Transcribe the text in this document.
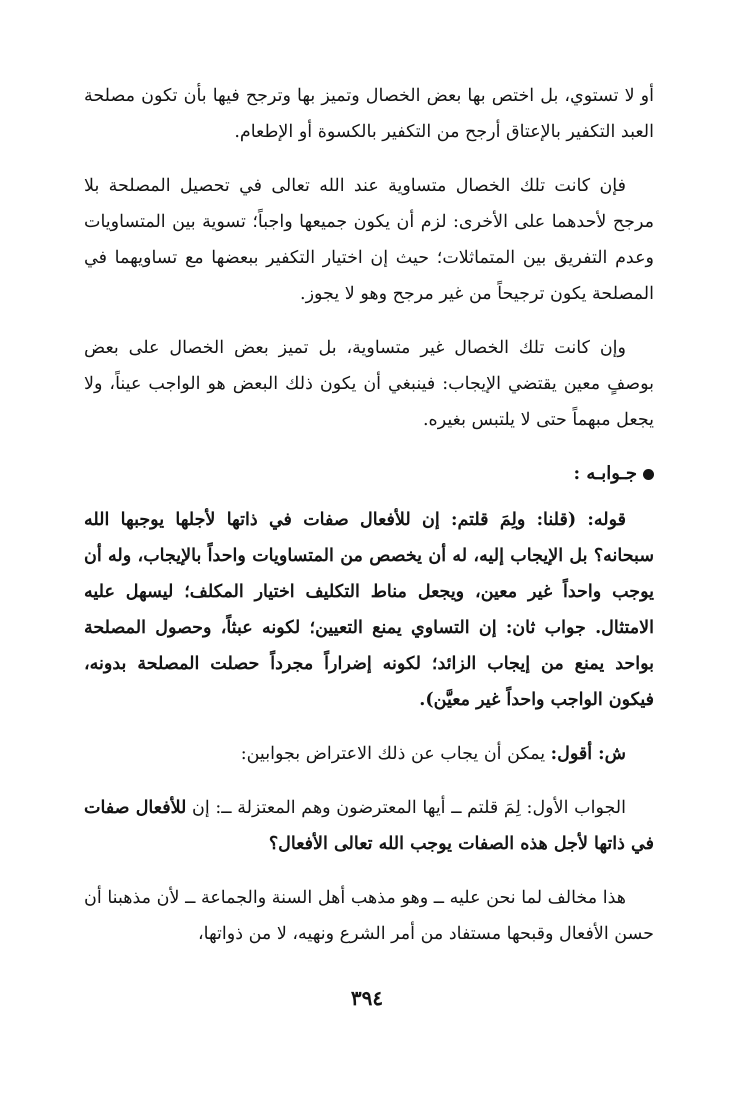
أو لا تستوي، بل اختص بها بعض الخصال وتميز بها وترجح فيها بأن تكون مصلحة العبد التكفير بالإعتاق أرجح من التكفير بالكسوة أو الإطعام.

فإن كانت تلك الخصال متساوية عند الله تعالى في تحصيل المصلحة بلا مرجح لأحدهما على الأخرى: لزم أن يكون جميعها واجباً؛ تسوية بين المتساويات وعدم التفريق بين المتماثلات؛ حيث إن اختيار التكفير ببعضها مع تساويهما في المصلحة يكون ترجيحاً من غير مرجح وهو لا يجوز.

وإن كانت تلك الخصال غير متساوية، بل تميز بعض الخصال على بعض بوصفٍ معين يقتضي الإيجاب: فينبغي أن يكون ذلك البعض هو الواجب عيناً، ولا يجعل مبهماً حتى لا يلتبس بغيره.

جـوابـه :

قوله: (قلنا: ولِمَ قلتم: إن للأفعال صفات في ذاتها لأجلها يوجبها الله سبحانه؟ بل الإيجاب إليه، له أن يخصص من المتساويات واحداً بالإيجاب، وله أن يوجب واحداً غير معين، ويجعل مناط التكليف اختيار المكلف؛ ليسهل عليه الامتثال. جواب ثان: إن التساوي يمنع التعيين؛ لكونه عبثاً، وحصول المصلحة بواحد يمنع من إيجاب الزائد؛ لكونه إضراراً مجرداً حصلت المصلحة بدونه، فيكون الواجب واحداً غير معيَّن).

ش: أقول: يمكن أن يجاب عن ذلك الاعتراض بجوابين:

الجواب الأول: لِمَ قلتم ــ أيها المعترضون وهم المعتزلة ــ: إن للأفعال صفات في ذاتها لأجل هذه الصفات يوجب الله تعالى الأفعال؟

هذا مخالف لما نحن عليه ــ وهو مذهب أهل السنة والجماعة ــ لأن مذهبنا أن حسن الأفعال وقبحها مستفاد من أمر الشرع ونهيه، لا من ذواتها،

٣٩٤
